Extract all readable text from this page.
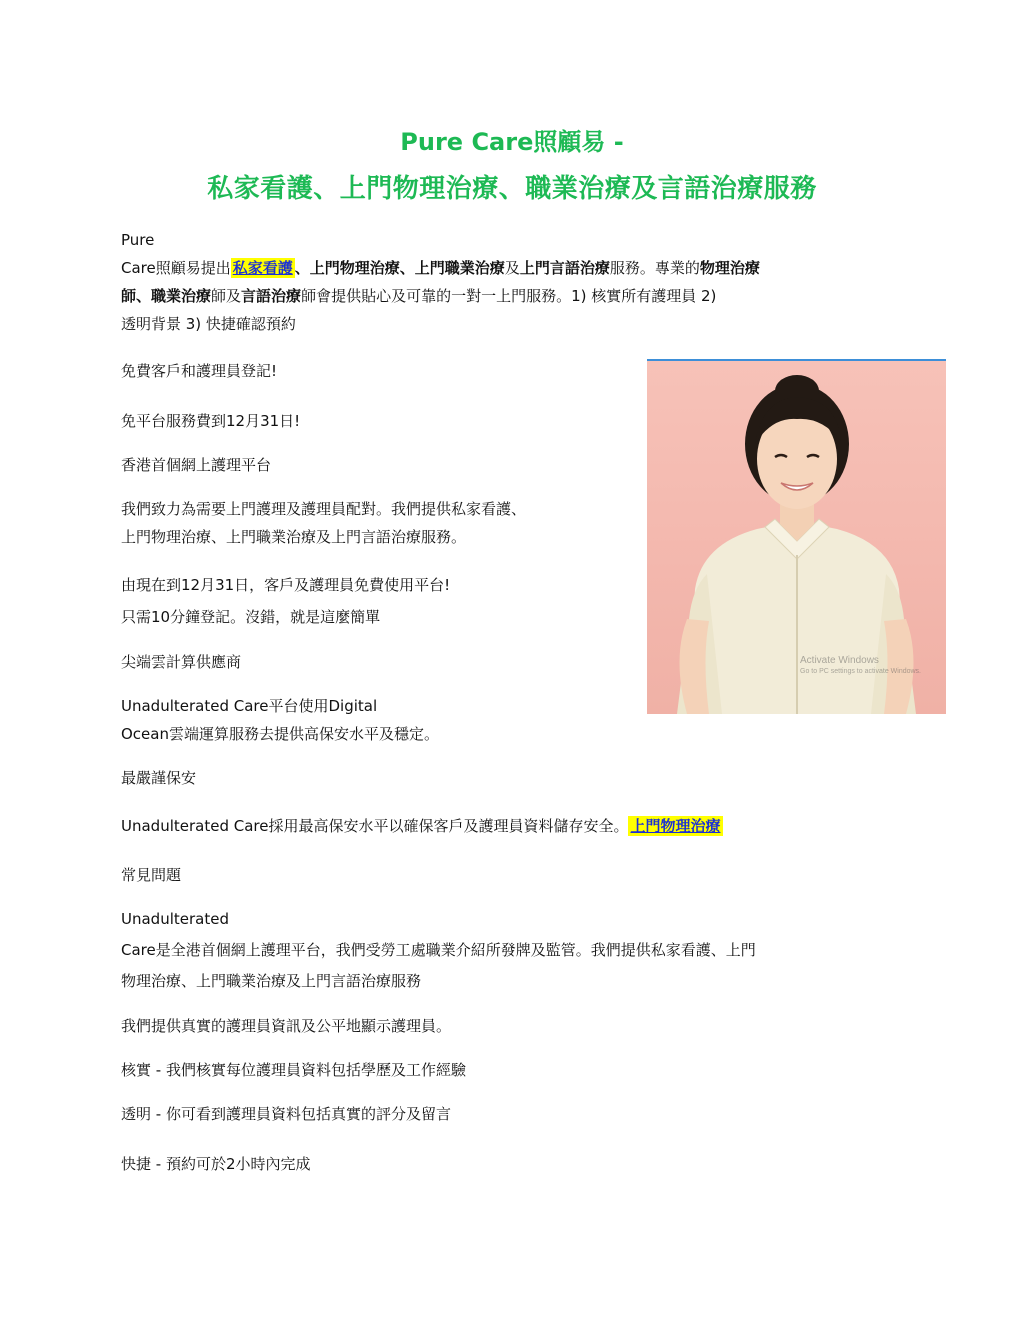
Pure Care照顧易 -
私家看護、上門物理治療、職業治療及言語治療服務
Pure
Care照顧易提出 私家看護 、上門物理治療、上門職業治療及上門言語治療服務。專業的物理治療
師、職業治療師及言語治療師會提供貼心及可靠的一對一上門服務。1) 核實所有護理員 2)
透明背景 3) 快捷確認預約
免費客戶和護理員登記!
免平台服務費到12月31日!
香港首個網上護理平台
我們致力為需要上門護理及護理員配對。我們提供私家看護、
上門物理治療、上門職業治療及上門言語治療服務。
由現在到12月31日，客戶及護理員免費使用平台!
只需10分鐘登記。沒錯，就是這麼簡單
尖端雲計算供應商
Unadulterated Care平台使用Digital
Ocean雲端運算服務去提供高保安水平及穩定。
最嚴謹保安
Unadulterated Care採用最高保安水平以確保客戶及護理員資料儲存安全。 上門物理治療
常見問題
Unadulterated
Care是全港首個網上護理平台，我們受勞工處職業介紹所發牌及監管。我們提供私家看護、上門
物理治療、上門職業治療及上門言語治療服務
我們提供真實的護理員資訊及公平地顯示護理員。
核實 - 我們核實每位護理員資料包括學歷及工作經驗
透明 - 你可看到護理員資料包括真實的評分及留言
快捷 - 預約可於2小時內完成
Activate Windows
Go to PC settings to activate Windows.
